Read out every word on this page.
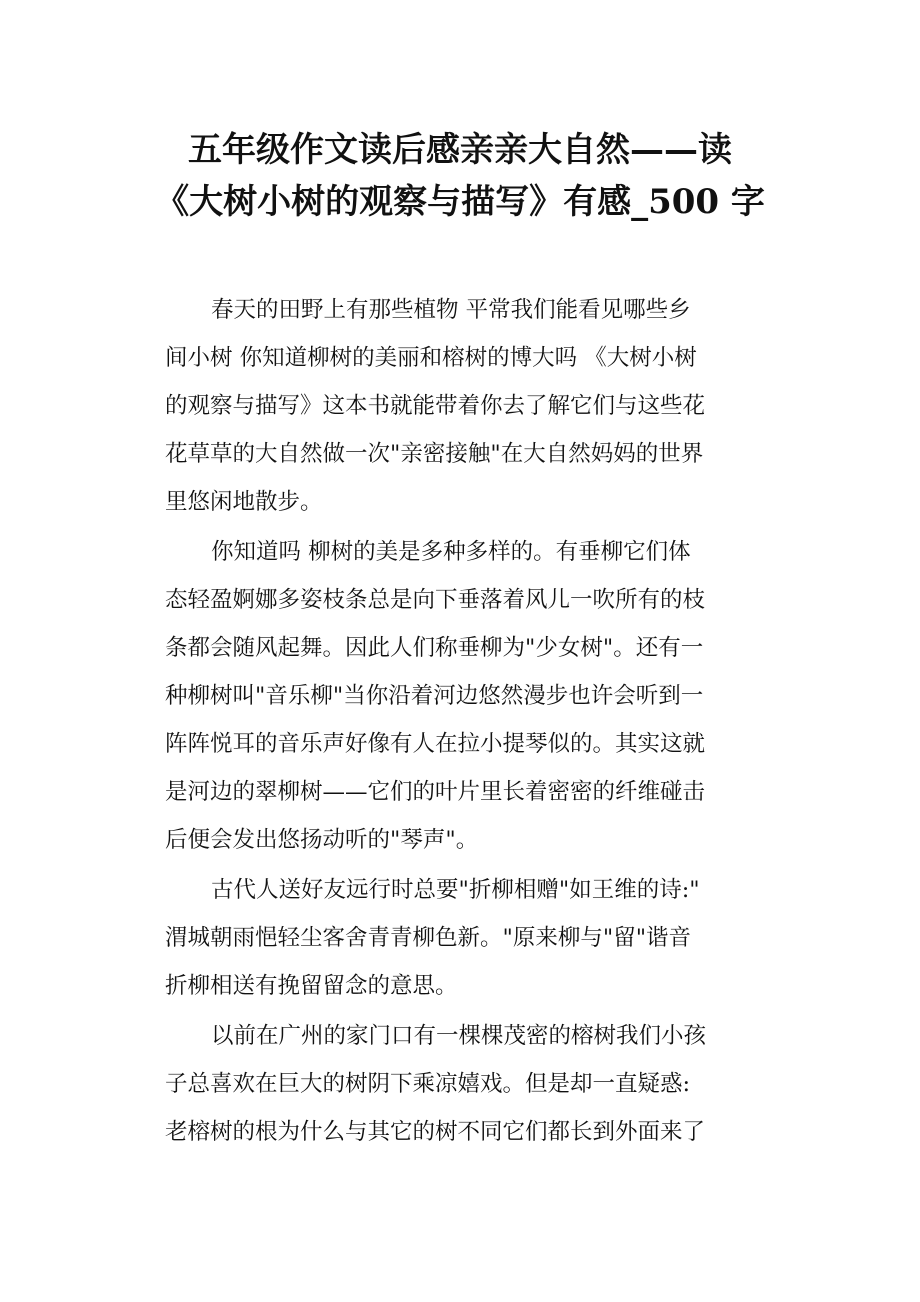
五年级作文读后感亲亲大自然——读
《大树小树的观察与描写》有感_500 字

春天的田野上有那些植物 平常我们能看见哪些乡
间小树 你知道柳树的美丽和榕树的博大吗 《大树小树
的观察与描写》这本书就能带着你去了解它们与这些花
花草草的大自然做一次"亲密接触"在大自然妈妈的世界
里悠闲地散步。

你知道吗 柳树的美是多种多样的。有垂柳它们体
态轻盈婀娜多姿枝条总是向下垂落着风儿一吹所有的枝
条都会随风起舞。因此人们称垂柳为"少女树"。还有一
种柳树叫"音乐柳"当你沿着河边悠然漫步也许会听到一
阵阵悦耳的音乐声好像有人在拉小提琴似的。其实这就
是河边的翠柳树——它们的叶片里长着密密的纤维碰击
后便会发出悠扬动听的"琴声"。

古代人送好友远行时总要"折柳相赠"如王维的诗:"
渭城朝雨悒轻尘客舍青青柳色新。"原来柳与"留"谐音
折柳相送有挽留留念的意思。

以前在广州的家门口有一棵棵茂密的榕树我们小孩
子总喜欢在巨大的树阴下乘凉嬉戏。但是却一直疑惑:
老榕树的根为什么与其它的树不同它们都长到外面来了
